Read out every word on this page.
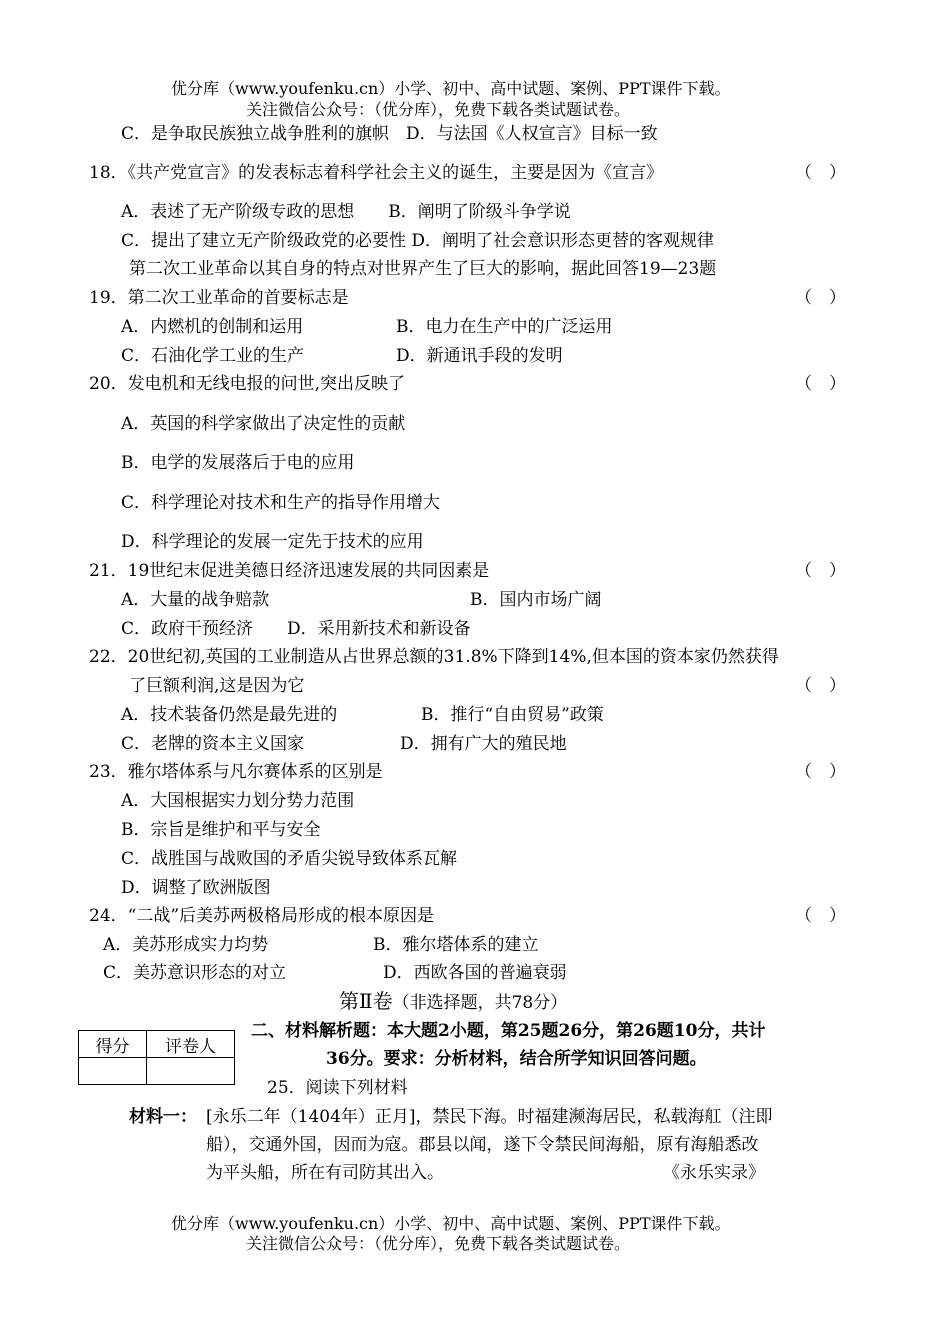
优分库（www.youfenku.cn）小学、初中、高中试题、案例、PPT课件下载。
关注微信公众号：（优分库），免费下载各类试题试卷。
C．是争取民族独立战争胜利的旗帜　D．与法国《人权宣言》目标一致
18．《共产党宣言》的发表标志着科学社会主义的诞生，主要是因为《宣言》	（　）
A．表述了无产阶级专政的思想　　B．阐明了阶级斗争学说
C．提出了建立无产阶级政党的必要性 D．阐明了社会意识形态更替的客观规律
第二次工业革命以其自身的特点对世界产生了巨大的影响，据此回答19—23题
19．第二次工业革命的首要标志是	（　）
A．内燃机的创制和运用	B．电力在生产中的广泛运用
C．石油化学工业的生产	D．新通讯手段的发明
20．发电机和无线电报的问世,突出反映了	（　）
A．英国的科学家做出了决定性的贡献
B．电学的发展落后于电的应用
C．科学理论对技术和生产的指导作用增大
D．科学理论的发展一定先于技术的应用
21．19世纪末促进美德日经济迅速发展的共同因素是	（　）
A．大量的战争赔款	B．国内市场广阔
C．政府干预经济　　D．采用新技术和新设备
22．20世纪初,英国的工业制造从占世界总额的31.8%下降到14%,但本国的资本家仍然获得
了巨额利润,这是因为它	（　）
A．技术装备仍然是最先进的	B．推行“自由贸易”政策
C．老牌的资本主义国家	D．拥有广大的殖民地
23．雅尔塔体系与凡尔赛体系的区别是	（　）
A．大国根据实力划分势力范围
B．宗旨是维护和平与安全
C．战胜国与战败国的矛盾尖锐导致体系瓦解
D．调整了欧洲版图
24．“二战”后美苏两极格局形成的根本原因是	（　）
A．美苏形成实力均势	B．雅尔塔体系的建立
C．美苏意识形态的对立	D．西欧各国的普遍衰弱
第Ⅱ卷（非选择题，共78分）
得分	评卷人

二、材料解析题：本大题2小题，第25题26分，第26题10分，共计
36分。要求：分析材料，结合所学知识回答问题。
25．阅读下列材料
材料一： [永乐二年（1404年）正月]，禁民下海。时福建濒海居民，私载海舡（注即
船），交通外国，因而为寇。郡县以闻，遂下令禁民间海船，原有海船悉改
为平头船，所在有司防其出入。	《永乐实录》
优分库（www.youfenku.cn）小学、初中、高中试题、案例、PPT课件下载。
关注微信公众号：（优分库），免费下载各类试题试卷。
